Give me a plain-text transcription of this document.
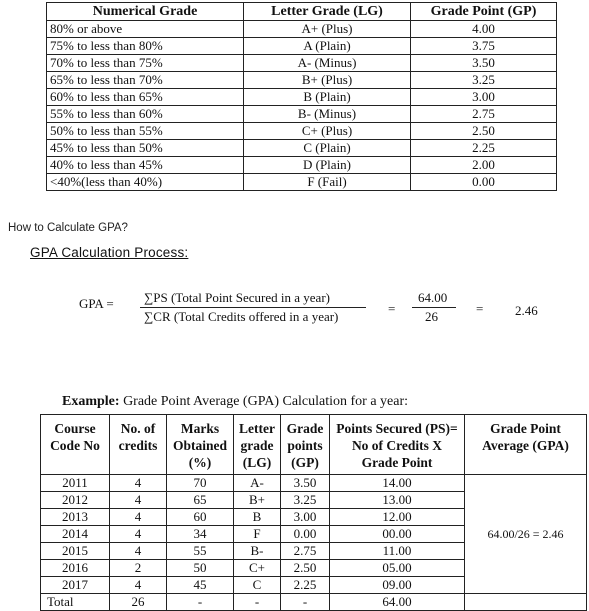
Numerical Grade	Letter Grade (LG)	Grade Point (GP)
80% or above	A+ (Plus)	4.00
75% to less than 80%	A (Plain)	3.75
70% to less than 75%	A- (Minus)	3.50
65% to less than 70%	B+ (Plus)	3.25
60% to less than 65%	B (Plain)	3.00
55% to less than 60%	B- (Minus)	2.75
50% to less than 55%	C+ (Plus)	2.50
45% to less than 50%	C (Plain)	2.25
40% to less than 45%	D (Plain)	2.00
<40%(less than 40%)	F (Fail)	0.00
How to Calculate GPA?
GPA Calculation Process:
GPA = ∑PS (Total Point Secured in a year)
∑CR (Total Credits offered in a year)
=
64.00
26
= 2.46
Example: Grade Point Average (GPA) Calculation for a year:
Course Code No	No. of credits	Marks Obtained (%)	Letter grade (LG)	Grade points (GP)	Points Secured (PS)= No of Credits X Grade Point	Grade Point Average (GPA)
2011	4	70	A-	3.50	14.00	64.00/26 = 2.46
2012	4	65	B+	3.25	13.00	
2013	4	60	B	3.00	12.00	
2014	4	34	F	0.00	00.00	
2015	4	55	B-	2.75	11.00	
2016	2	50	C+	2.50	05.00	
2017	4	45	C	2.25	09.00	
Total	26	-	-	-	64.00	
